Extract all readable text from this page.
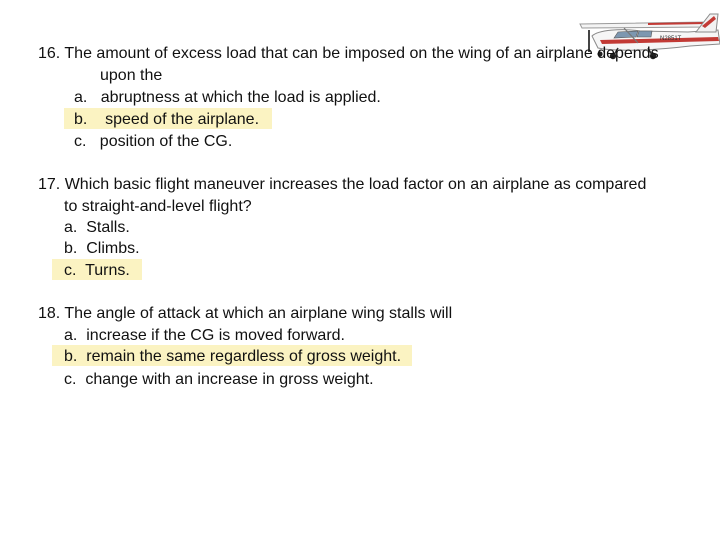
N2851T
16. The amount of excess load that can be imposed on the wing of an airplane depends
upon the
a. abruptness at which the load is applied.
b. speed of the airplane.
c. position of the CG.
17. Which basic flight maneuver increases the load factor on an airplane as compared
to straight-and-level flight?
a. Stalls.
b. Climbs.
c. Turns.
18. The angle of attack at which an airplane wing stalls will
a. increase if the CG is moved forward.
b. remain the same regardless of gross weight.
c. change with an increase in gross weight.
